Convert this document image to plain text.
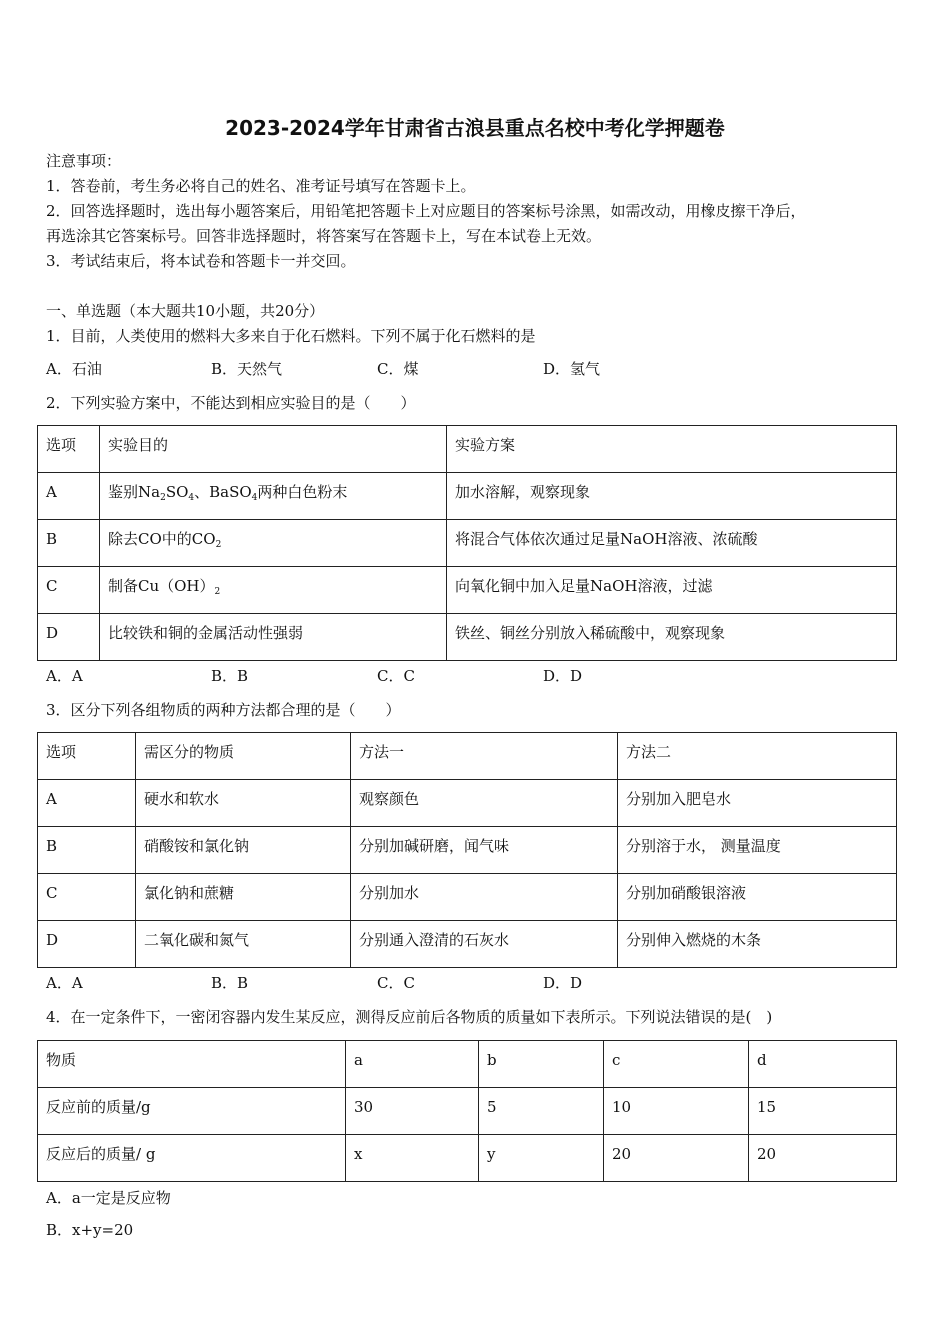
2023-2024学年甘肃省古浪县重点名校中考化学押题卷
注意事项：
1．答卷前，考生务必将自己的姓名、准考证号填写在答题卡上。
2．回答选择题时，选出每小题答案后，用铅笔把答题卡上对应题目的答案标号涂黑，如需改动，用橡皮擦干净后，
再选涂其它答案标号。回答非选择题时，将答案写在答题卡上，写在本试卷上无效。
3．考试结束后，将本试卷和答题卡一并交回。
一、单选题（本大题共10小题，共20分）
1．目前，人类使用的燃料大多来自于化石燃料。下列不属于化石燃料的是
A．石油	B．天然气	C．煤	D．氢气
2．下列实验方案中，不能达到相应实验目的是（　　）
选项	实验目的	实验方案
A	鉴别$Na_2SO_4$、BaSO$_4$两种白色粉末	加水溶解，观察现象
B	除去CO中的$CO_2$	将混合气体依次通过足量NaOH溶液、浓硫酸
C	制备$Cu(OH)_2$	向氧化铜中加入足量NaOH溶液，过滤
D	比较铁和铜的金属活动性强弱	铁丝、铜丝分别放入稀硫酸中，观察现象
A．A	B．B	C．C	D．D
3．区分下列各组物质的两种方法都合理的是（　　）
选项	需区分的物质	方法一	方法二
A	硬水和软水	观察颜色	分别加入肥皂水
B	硝酸铵和氯化钠	分别加碱研磨，闻气味	分别溶于水， 测量温度
C	氯化钠和蔗糖	分别加水	分别加硝酸银溶液
D	二氧化碳和氮气	分别通入澄清的石灰水	分别伸入燃烧的木条
A．A	B．B	C．C	D．D
4．在一定条件下，一密闭容器内发生某反应，测得反应前后各物质的质量如下表所示。下列说法错误的是(　)
物质	a	b	c	d
反应前的质量/g	30	5	10	15
反应后的质量/ g	x	y	20	20
A．a一定是反应物
B．x+y=20
